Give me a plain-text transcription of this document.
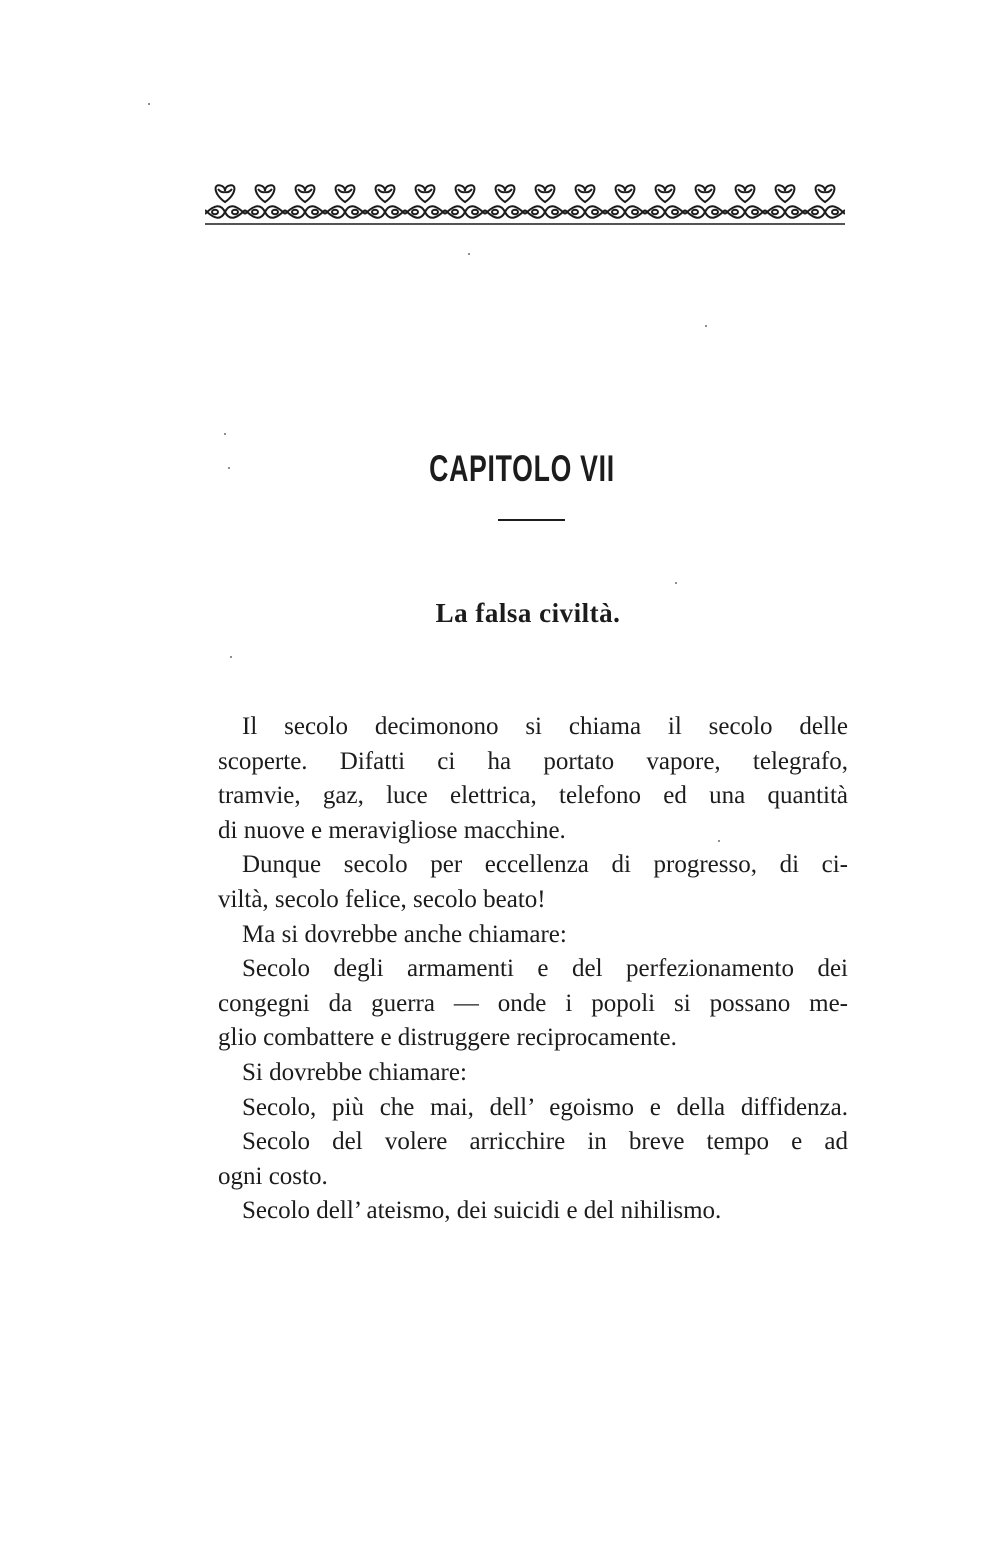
CAPITOLO VII
La falsa civiltà.
Il secolo decimonono si chiama il secolo delle
scoperte. Difatti ci ha portato vapore, telegrafo,
tramvie, gaz, luce elettrica, telefono ed una quantità
di nuove e meravigliose macchine.
Dunque secolo per eccellenza di progresso, di ci-
viltà, secolo felice, secolo beato!
Ma si dovrebbe anche chiamare:
Secolo degli armamenti e del perfezionamento dei
congegni da guerra — onde i popoli si possano me-
glio combattere e distruggere reciprocamente.
Si dovrebbe chiamare:
Secolo, più che mai, dell’ egoismo e della diffidenza.
Secolo del volere arricchire in breve tempo e ad
ogni costo.
Secolo dell’ ateismo, dei suicidi e del nihilismo.
